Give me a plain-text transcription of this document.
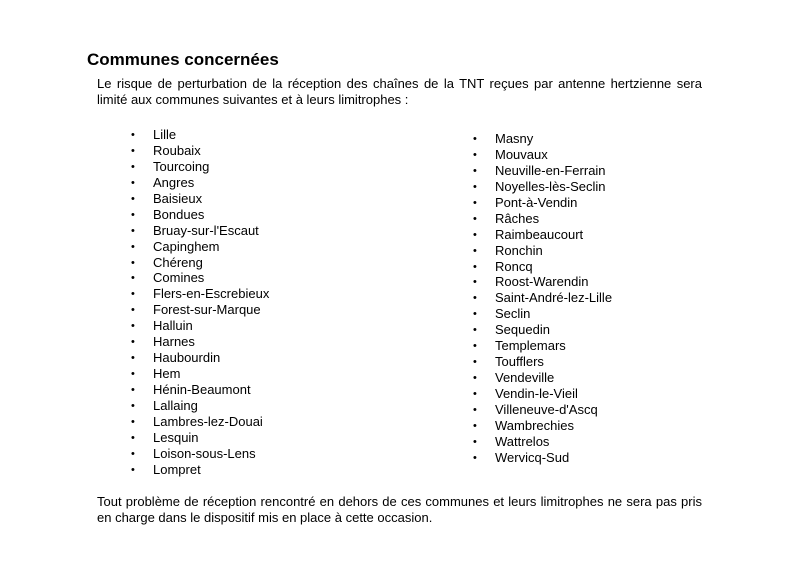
Communes concernées

Le risque de perturbation de la réception des chaînes de la TNT reçues par antenne hertzienne sera limité aux communes suivantes et à leurs limitrophes :

•	Lille
•	Roubaix
•	Tourcoing
•	Angres
•	Baisieux
•	Bondues
•	Bruay-sur-l'Escaut
•	Capinghem
•	Chéreng
•	Comines
•	Flers-en-Escrebieux
•	Forest-sur-Marque
•	Halluin
•	Harnes
•	Haubourdin
•	Hem
•	Hénin-Beaumont
•	Lallaing
•	Lambres-lez-Douai
•	Lesquin
•	Loison-sous-Lens
•	Lompret
•	Masny
•	Mouvaux
•	Neuville-en-Ferrain
•	Noyelles-lès-Seclin
•	Pont-à-Vendin
•	Râches
•	Raimbeaucourt
•	Ronchin
•	Roncq
•	Roost-Warendin
•	Saint-André-lez-Lille
•	Seclin
•	Sequedin
•	Templemars
•	Toufflers
•	Vendeville
•	Vendin-le-Vieil
•	Villeneuve-d'Ascq
•	Wambrechies
•	Wattrelos
•	Wervicq-Sud

Tout problème de réception rencontré en dehors de ces communes et leurs limitrophes ne sera pas pris en charge dans le dispositif mis en place à cette occasion.
